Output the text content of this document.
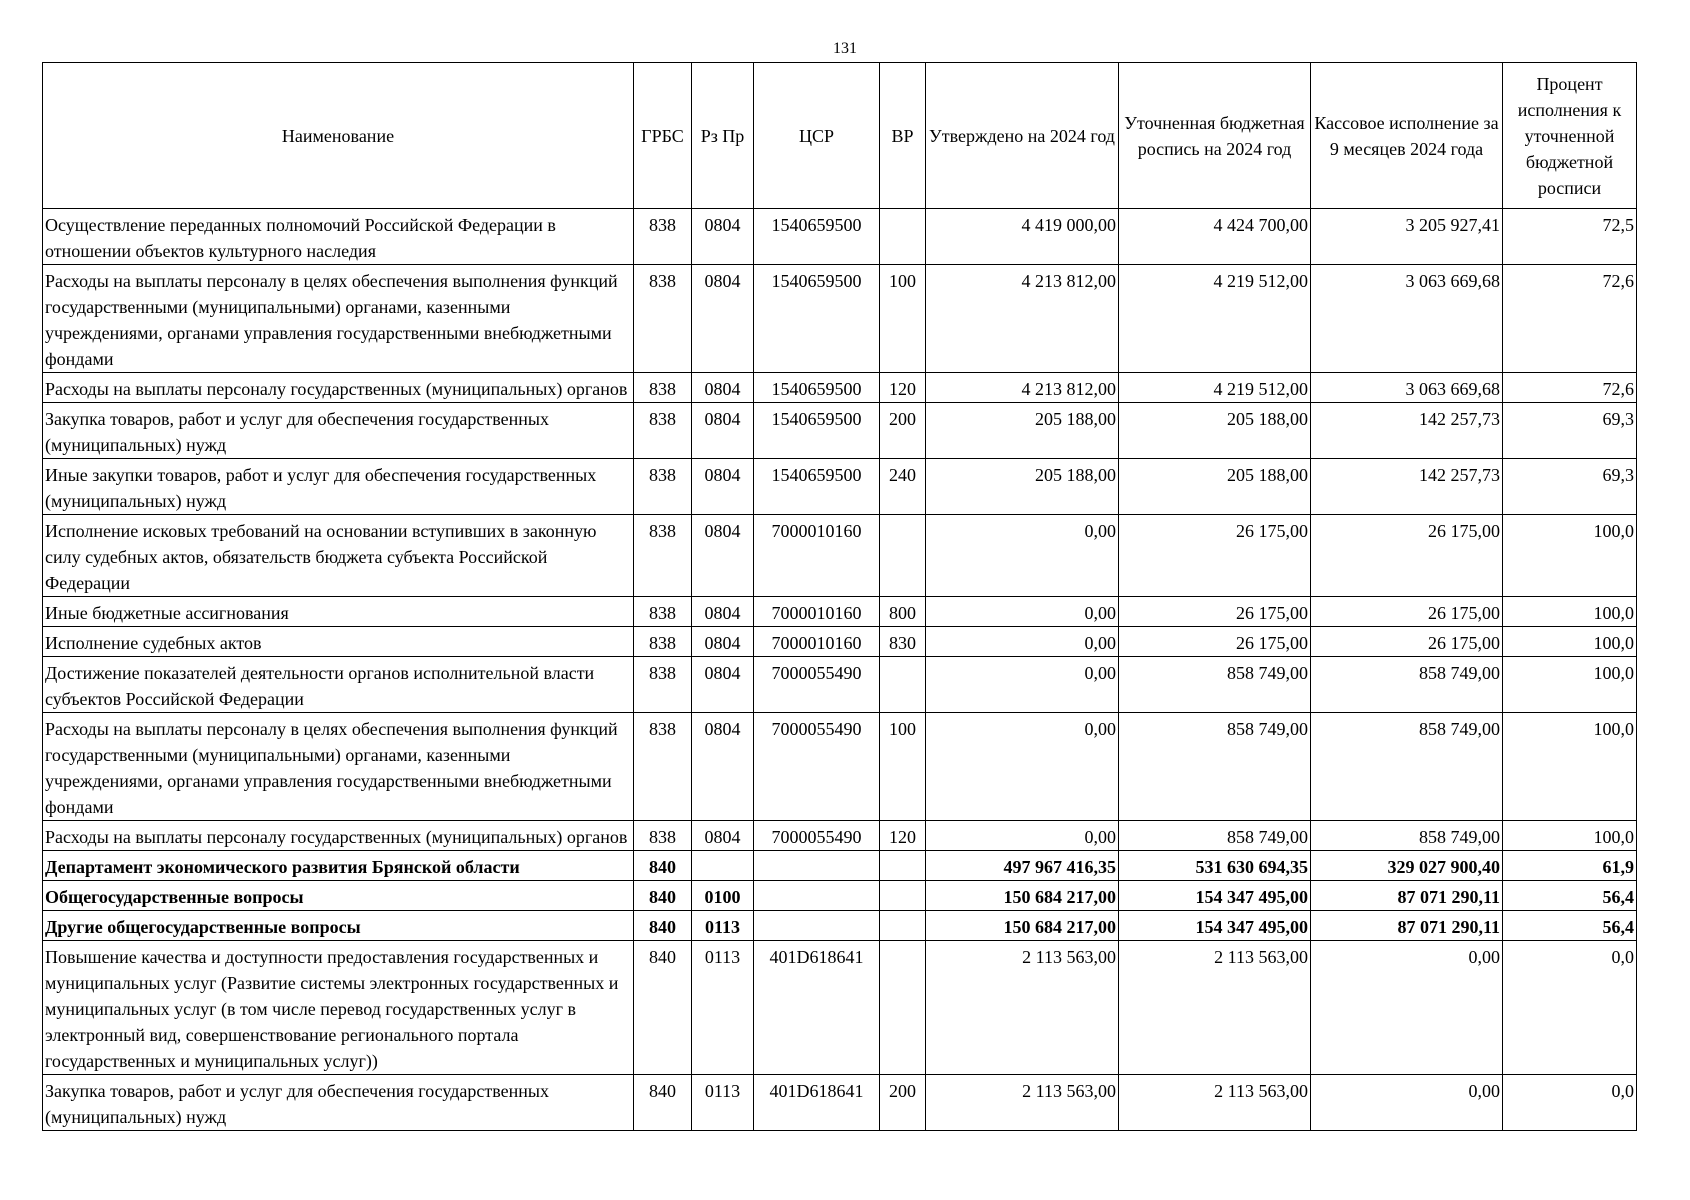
131
Наименование	ГРБС	Рз Пр	ЦСР	ВР	Утверждено на 2024 год	Уточненная бюджетная роспись на 2024 год	Кассовое исполнение за 9 месяцев 2024 года	Процент исполнения к уточненной бюджетной росписи
Осуществление переданных полномочий Российской Федерации в отношении объектов культурного наследия	838	0804	1540659500		4 419 000,00	4 424 700,00	3 205 927,41	72,5
Расходы на выплаты персоналу в целях обеспечения выполнения функций государственными (муниципальными) органами, казенными учреждениями, органами управления государственными внебюджетными фондами	838	0804	1540659500	100	4 213 812,00	4 219 512,00	3 063 669,68	72,6
Расходы на выплаты персоналу государственных (муниципальных) органов	838	0804	1540659500	120	4 213 812,00	4 219 512,00	3 063 669,68	72,6
Закупка товаров, работ и услуг для обеспечения государственных (муниципальных) нужд	838	0804	1540659500	200	205 188,00	205 188,00	142 257,73	69,3
Иные закупки товаров, работ и услуг для обеспечения государственных (муниципальных) нужд	838	0804	1540659500	240	205 188,00	205 188,00	142 257,73	69,3
Исполнение исковых требований на основании вступивших в законную силу судебных актов, обязательств бюджета субъекта Российской Федерации	838	0804	7000010160		0,00	26 175,00	26 175,00	100,0
Иные бюджетные ассигнования	838	0804	7000010160	800	0,00	26 175,00	26 175,00	100,0
Исполнение судебных актов	838	0804	7000010160	830	0,00	26 175,00	26 175,00	100,0
Достижение показателей деятельности органов исполнительной власти субъектов Российской Федерации	838	0804	7000055490		0,00	858 749,00	858 749,00	100,0
Расходы на выплаты персоналу в целях обеспечения выполнения функций государственными (муниципальными) органами, казенными учреждениями, органами управления государственными внебюджетными фондами	838	0804	7000055490	100	0,00	858 749,00	858 749,00	100,0
Расходы на выплаты персоналу государственных (муниципальных) органов	838	0804	7000055490	120	0,00	858 749,00	858 749,00	100,0
Департамент экономического развития Брянской области	840				497 967 416,35	531 630 694,35	329 027 900,40	61,9
Общегосударственные вопросы	840	0100			150 684 217,00	154 347 495,00	87 071 290,11	56,4
Другие общегосударственные вопросы	840	0113			150 684 217,00	154 347 495,00	87 071 290,11	56,4
Повышение качества и доступности предоставления государственных и муниципальных услуг (Развитие системы электронных государственных и муниципальных услуг (в том числе перевод государственных услуг в электронный вид, совершенствование регионального портала государственных и муниципальных услуг))	840	0113	401D618641		2 113 563,00	2 113 563,00	0,00	0,0
Закупка товаров, работ и услуг для обеспечения государственных (муниципальных) нужд	840	0113	401D618641	200	2 113 563,00	2 113 563,00	0,00	0,0
